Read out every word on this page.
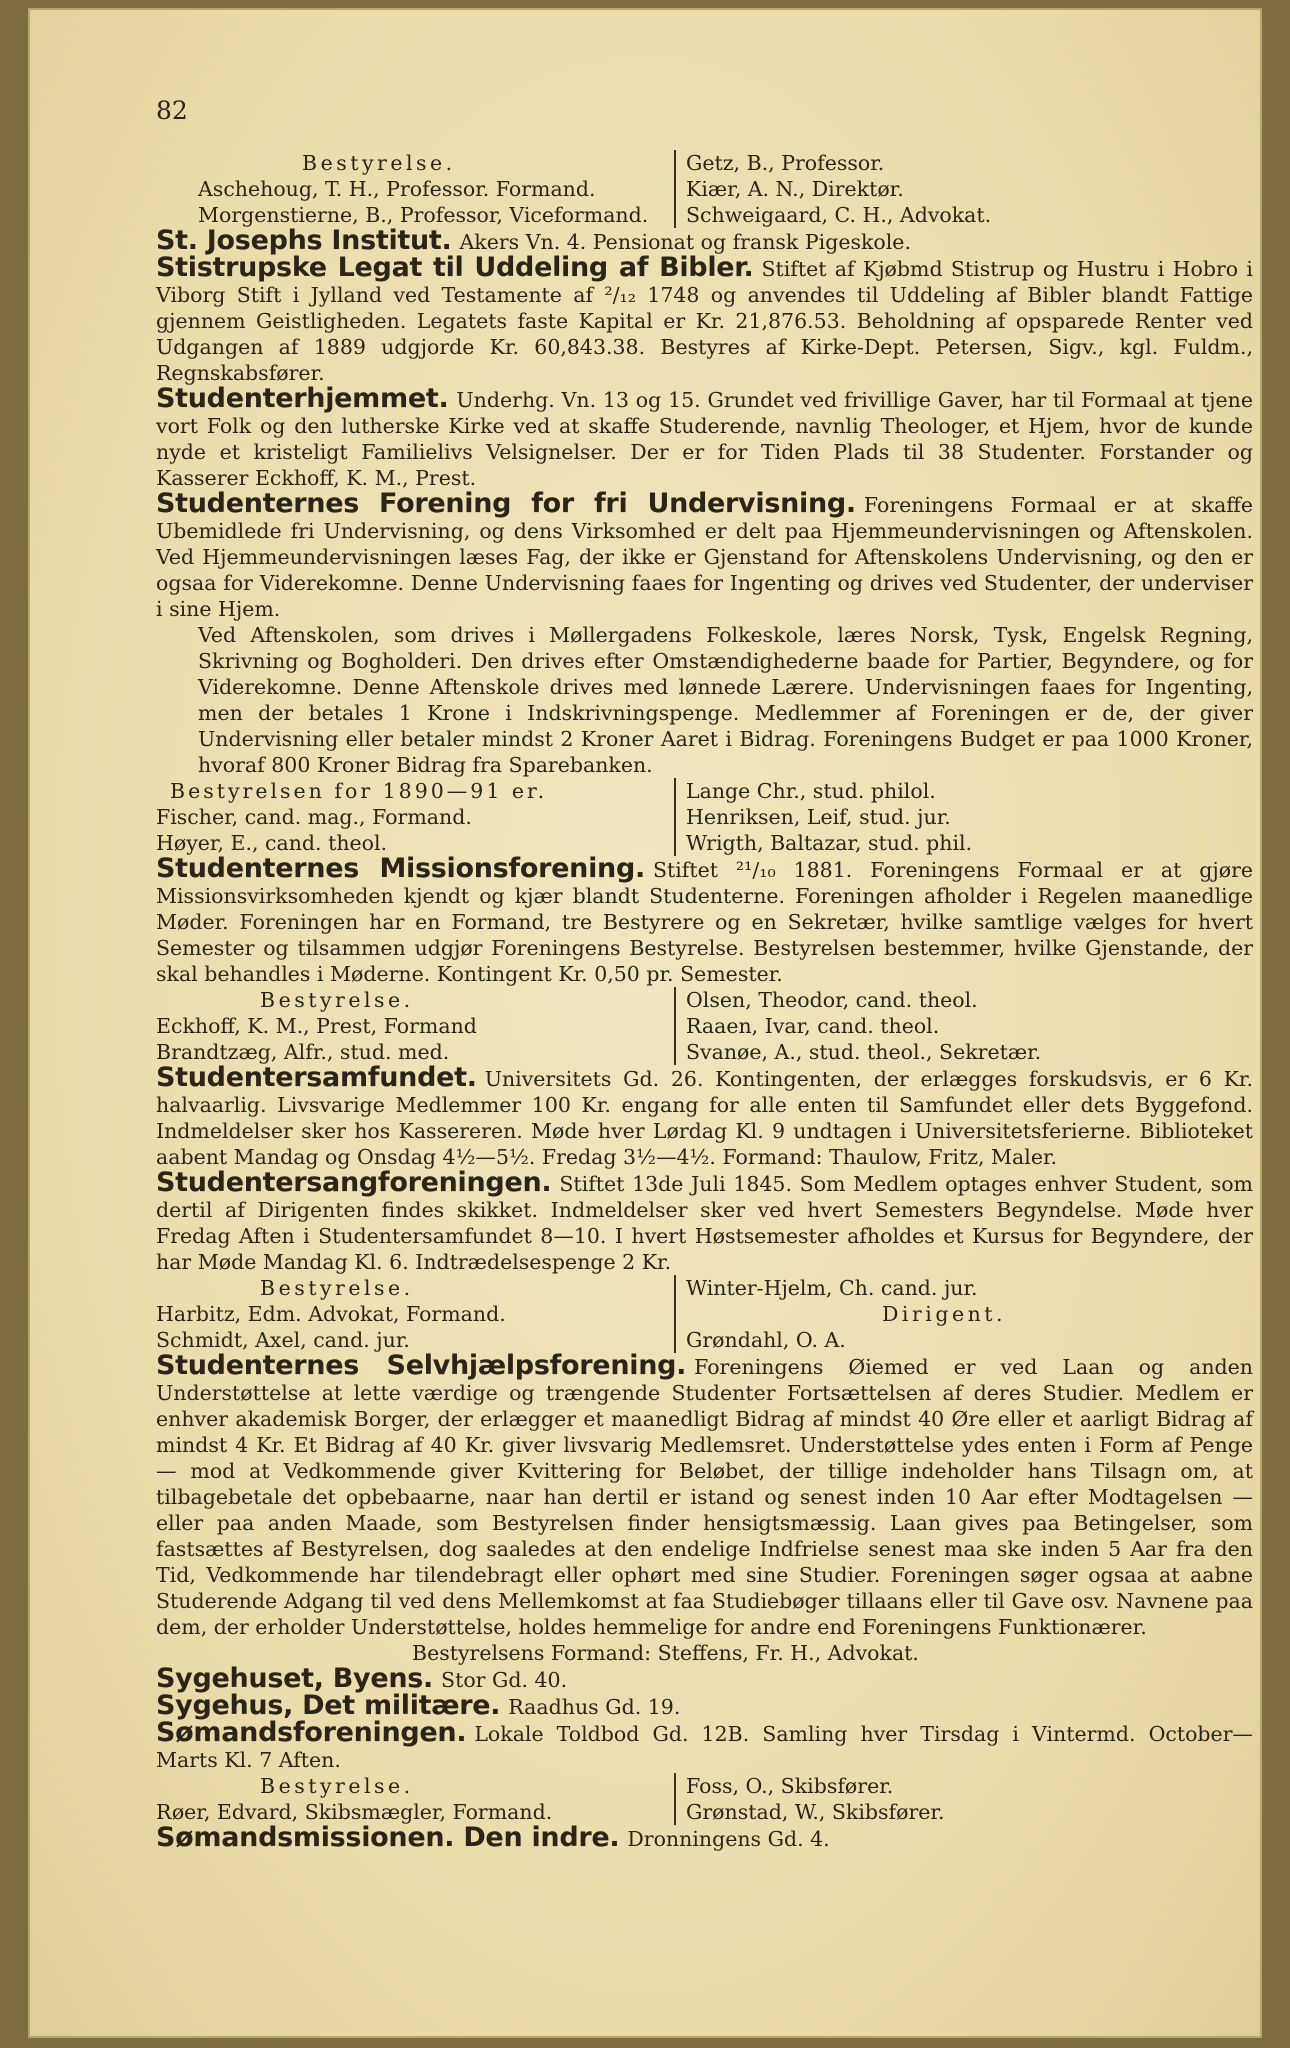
82

Bestyrelse.

Aschehoug, T. H., Professor. Formand.

Morgenstierne, B., Professor, Viceformand.

Getz, B., Professor.

Kiær, A. N., Direktør.

Schweigaard, C. H., Advokat.

St. Josephs Institut. Akers Vn. 4. Pensionat og fransk Pigeskole.

Stistrupske Legat til Uddeling af Bibler. Stiftet af Kjøbmd Stistrup og Hustru i Hobro i Viborg Stift i Jylland ved Testamente af ²/₁₂ 1748 og anvendes til Uddeling af Bibler blandt Fattige gjennem Geistligheden. Legatets faste Kapital er Kr. 21,876.53. Beholdning af opsparede Renter ved Udgangen af 1889 udgjorde Kr. 60,843.38. Bestyres af Kirke-Dept. Petersen, Sigv., kgl. Fuldm., Regnskabsfører.

Studenterhjemmet. Underhg. Vn. 13 og 15. Grundet ved frivillige Gaver, har til Formaal at tjene vort Folk og den lutherske Kirke ved at skaffe Studerende, navnlig Theologer, et Hjem, hvor de kunde nyde et kristeligt Familielivs Velsignelser. Der er for Tiden Plads til 38 Studenter. Forstander og Kasserer Eckhoff, K. M., Prest.

Studenternes Forening for fri Undervisning. Foreningens Formaal er at skaffe Ubemidlede fri Undervisning, og dens Virksomhed er delt paa Hjemmeundervisningen og Aftenskolen. Ved Hjemmeundervisningen læses Fag, der ikke er Gjenstand for Aftenskolens Undervisning, og den er ogsaa for Viderekomne. Denne Undervisning faaes for Ingenting og drives ved Studenter, der underviser i sine Hjem.

Ved Aftenskolen, som drives i Møllergadens Folkeskole, læres Norsk, Tysk, Engelsk Regning, Skrivning og Bogholderi. Den drives efter Omstændighederne baade for Partier, Begyndere, og for Viderekomne. Denne Aftenskole drives med lønnede Lærere. Undervisningen faaes for Ingenting, men der betales 1 Krone i Indskrivningspenge. Medlemmer af Foreningen er de, der giver Undervisning eller betaler mindst 2 Kroner Aaret i Bidrag. Foreningens Budget er paa 1000 Kroner, hvoraf 800 Kroner Bidrag fra Sparebanken.

Bestyrelsen for 1890—91 er.

Fischer, cand. mag., Formand.

Høyer, E., cand. theol.

Lange Chr., stud. philol.

Henriksen, Leif, stud. jur.

Wrigth, Baltazar, stud. phil.

Studenternes Missionsforening. Stiftet ²¹/₁₀ 1881. Foreningens Formaal er at gjøre Missionsvirksomheden kjendt og kjær blandt Studenterne. Foreningen afholder i Regelen maanedlige Møder. Foreningen har en Formand, tre Bestyrere og en Sekretær, hvilke samtlige vælges for hvert Semester og tilsammen udgjør Foreningens Bestyrelse. Bestyrelsen bestemmer, hvilke Gjenstande, der skal behandles i Møderne. Kontingent Kr. 0,50 pr. Semester.

Bestyrelse.

Eckhoff, K. M., Prest, Formand

Brandtzæg, Alfr., stud. med.

Olsen, Theodor, cand. theol.

Raaen, Ivar, cand. theol.

Svanøe, A., stud. theol., Sekretær.

Studentersamfundet. Universitets Gd. 26. Kontingenten, der erlægges forskudsvis, er 6 Kr. halvaarlig. Livsvarige Medlemmer 100 Kr. engang for alle enten til Samfundet eller dets Byggefond. Indmeldelser sker hos Kassereren. Møde hver Lørdag Kl. 9 undtagen i Universitetsferierne. Biblioteket aabent Mandag og Onsdag 4½—5½. Fredag 3½—4½. Formand: Thaulow, Fritz, Maler.

Studentersangforeningen. Stiftet 13de Juli 1845. Som Medlem optages enhver Student, som dertil af Dirigenten findes skikket. Indmeldelser sker ved hvert Semesters Begyndelse. Møde hver Fredag Aften i Studentersamfundet 8—10. I hvert Høstsemester afholdes et Kursus for Begyndere, der har Møde Mandag Kl. 6. Indtrædelsespenge 2 Kr.

Bestyrelse.

Harbitz, Edm. Advokat, Formand.

Schmidt, Axel, cand. jur.

Winter-Hjelm, Ch. cand. jur.

Dirigent.

Grøndahl, O. A.

Studenternes Selvhjælpsforening. Foreningens Øiemed er ved Laan og anden Understøttelse at lette værdige og trængende Studenter Fortsættelsen af deres Studier. Medlem er enhver akademisk Borger, der erlægger et maanedligt Bidrag af mindst 40 Øre eller et aarligt Bidrag af mindst 4 Kr. Et Bidrag af 40 Kr. giver livsvarig Medlemsret. Understøttelse ydes enten i Form af Penge — mod at Vedkommende giver Kvittering for Beløbet, der tillige indeholder hans Tilsagn om, at tilbagebetale det opbebaarne, naar han dertil er istand og senest inden 10 Aar efter Modtagelsen — eller paa anden Maade, som Bestyrelsen finder hensigtsmæssig. Laan gives paa Betingelser, som fastsættes af Bestyrelsen, dog saaledes at den endelige Indfrielse senest maa ske inden 5 Aar fra den Tid, Vedkommende har tilendebragt eller ophørt med sine Studier. Foreningen søger ogsaa at aabne Studerende Adgang til ved dens Mellemkomst at faa Studiebøger tillaans eller til Gave osv. Navnene paa dem, der erholder Understøttelse, holdes hemmelige for andre end Foreningens Funktionærer.

Bestyrelsens Formand: Steffens, Fr. H., Advokat.

Sygehuset, Byens. Stor Gd. 40.

Sygehus, Det militære. Raadhus Gd. 19.

Sømandsforeningen. Lokale Toldbod Gd. 12B. Samling hver Tirsdag i Vintermd. October—Marts Kl. 7 Aften.

Bestyrelse.

Røer, Edvard, Skibsmægler, Formand.

Foss, O., Skibsfører.

Grønstad, W., Skibsfører.

Sømandsmissionen. Den indre. Dronningens Gd. 4.
